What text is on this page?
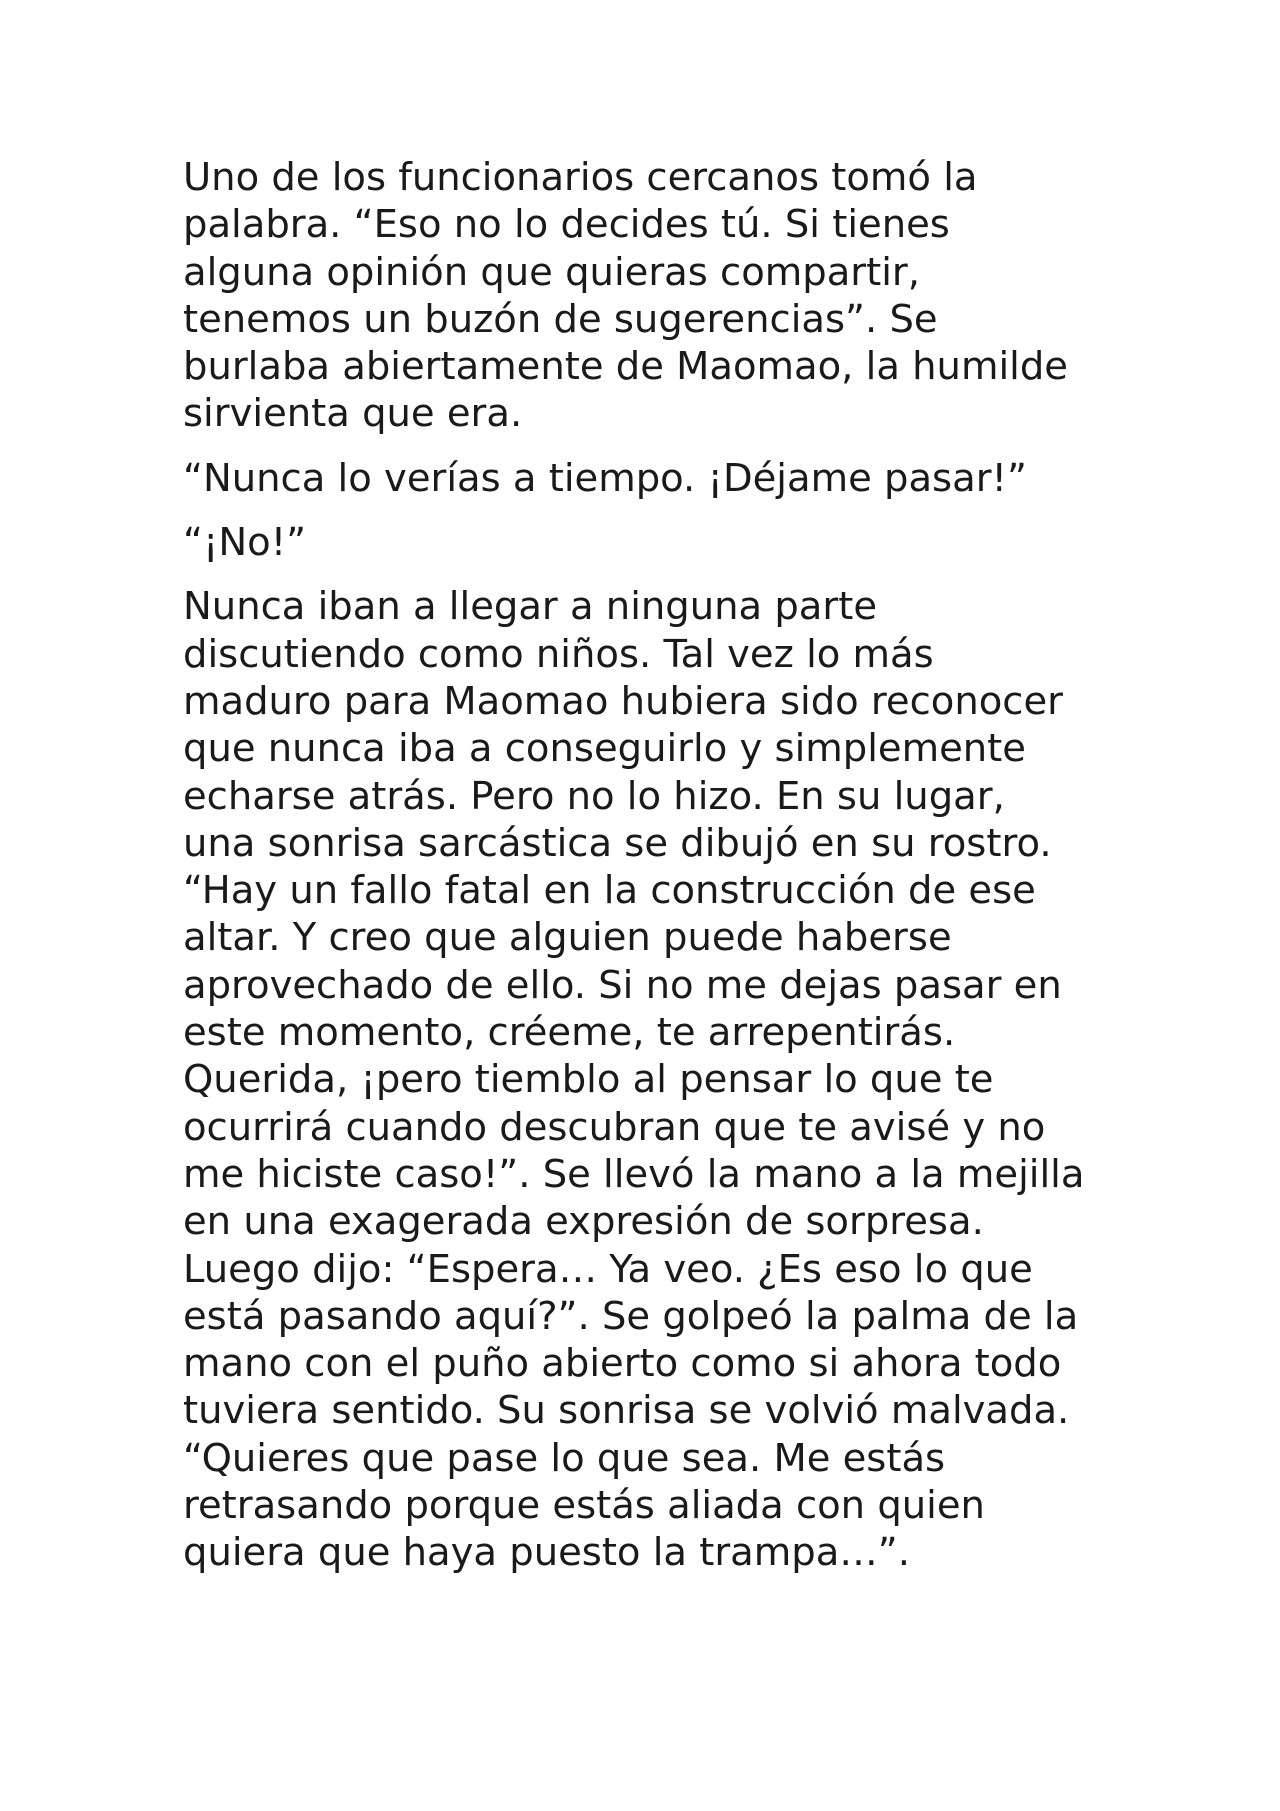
Uno de los funcionarios cercanos tomó la
palabra. “Eso no lo decides tú. Si tienes
alguna opinión que quieras compartir,
tenemos un buzón de sugerencias”. Se
burlaba abiertamente de Maomao, la humilde
sirvienta que era.

“Nunca lo verías a tiempo. ¡Déjame pasar!”

“¡No!”

Nunca iban a llegar a ninguna parte
discutiendo como niños. Tal vez lo más
maduro para Maomao hubiera sido reconocer
que nunca iba a conseguirlo y simplemente
echarse atrás. Pero no lo hizo. En su lugar,
una sonrisa sarcástica se dibujó en su rostro.
“Hay un fallo fatal en la construcción de ese
altar. Y creo que alguien puede haberse
aprovechado de ello. Si no me dejas pasar en
este momento, créeme, te arrepentirás.
Querida, ¡pero tiemblo al pensar lo que te
ocurrirá cuando descubran que te avisé y no
me hiciste caso!”. Se llevó la mano a la mejilla
en una exagerada expresión de sorpresa.
Luego dijo: “Espera… Ya veo. ¿Es eso lo que
está pasando aquí?”. Se golpeó la palma de la
mano con el puño abierto como si ahora todo
tuviera sentido. Su sonrisa se volvió malvada.
“Quieres que pase lo que sea. Me estás
retrasando porque estás aliada con quien
quiera que haya puesto la trampa…”.
